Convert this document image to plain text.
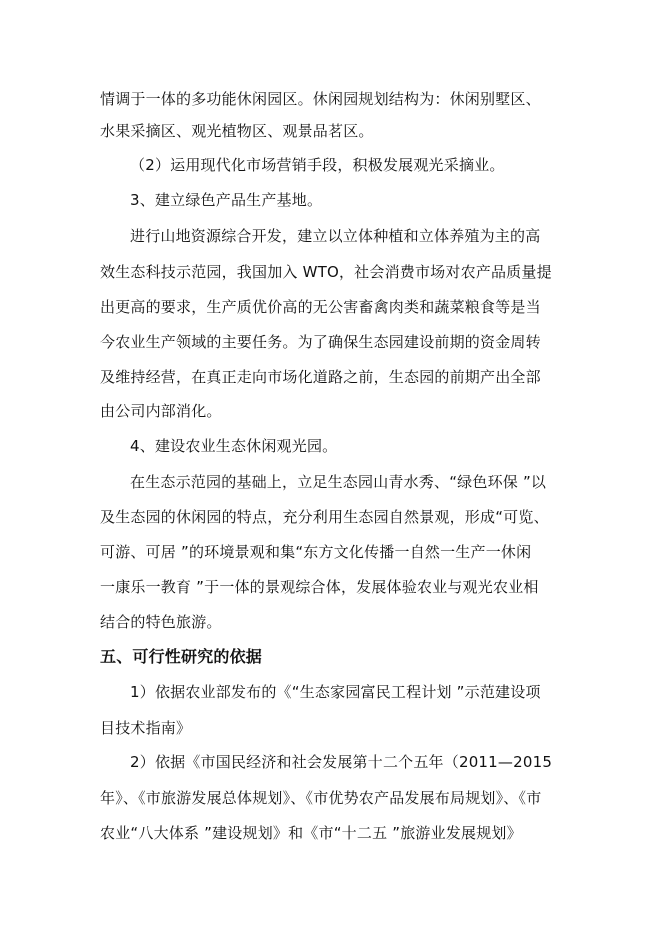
情调于一体的多功能休闲园区。休闲园规划结构为：休闲别墅区、
水果采摘区、观光植物区、观景品茗区。
（2）运用现代化市场营销手段，积极发展观光采摘业。
3、建立绿色产品生产基地。
进行山地资源综合开发，建立以立体种植和立体养殖为主的高
效生态科技示范园，我国加入 WTO，社会消费市场对农产品质量提
出更高的要求，生产质优价高的无公害畜禽肉类和蔬菜粮食等是当
今农业生产领域的主要任务。为了确保生态园建设前期的资金周转
及维持经营，在真正走向市场化道路之前，生态园的前期产出全部
由公司内部消化。
4、建设农业生态休闲观光园。
在生态示范园的基础上，立足生态园山青水秀、“绿色环保 ”以
及生态园的休闲园的特点，充分利用生态园自然景观，形成“可览、
可游、可居 ”的环境景观和集“东方文化传播一自然一生产一休闲
一康乐一教育 ”于一体的景观综合体，发展体验农业与观光农业相
结合的特色旅游。
五、可行性研究的依据
1）依据农业部发布的《“生态家园富民工程计划 ”示范建设项
目技术指南》
2）依据《市国民经济和社会发展第十二个五年（2011—2015
年》、《市旅游发展总体规划》、《市优势农产品发展布局规划》、《市
农业“八大体系 ”建设规划》和《市“十二五 ”旅游业发展规划》
